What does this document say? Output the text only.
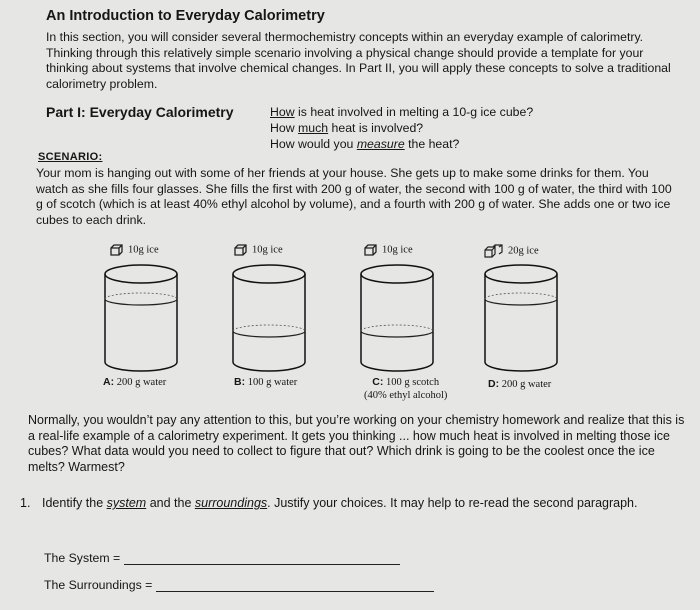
An Introduction to Everyday Calorimetry
In this section, you will consider several thermochemistry concepts within an everyday example of calorimetry. Thinking through this relatively simple scenario involving a physical change should provide a template for your thinking about systems that involve chemical changes. In Part II, you will apply these concepts to solve a traditional calorimetry problem.
Part I: Everyday Calorimetry	How is heat involved in melting a 10-g ice cube?
How much heat is involved?
How would you measure the heat?
SCENARIO:
Your mom is hanging out with some of her friends at your house. She gets up to make some drinks for them. You watch as she fills four glasses. She fills the first with 200 g of water, the second with 100 g of water, the third with 100 g of scotch (which is at least 40% ethyl alcohol by volume), and a fourth with 200 g of water. She adds one or two ice cubes to each drink.
10g ice
A: 200 g water
10g ice
B: 100 g water
10g ice
C: 100 g scotch
(40% ethyl alcohol)
20g ice
D: 200 g water
Normally, you wouldn’t pay any attention to this, but you’re working on your chemistry homework and realize that this is a real-life example of a calorimetry experiment. It gets you thinking ... how much heat is involved in melting those ice cubes? What data would you need to collect to figure that out? Which drink is going to be the coolest once the ice melts? Warmest?
1. Identify the system and the surroundings. Justify your choices. It may help to re-read the second paragraph.
The System =
The Surroundings =
